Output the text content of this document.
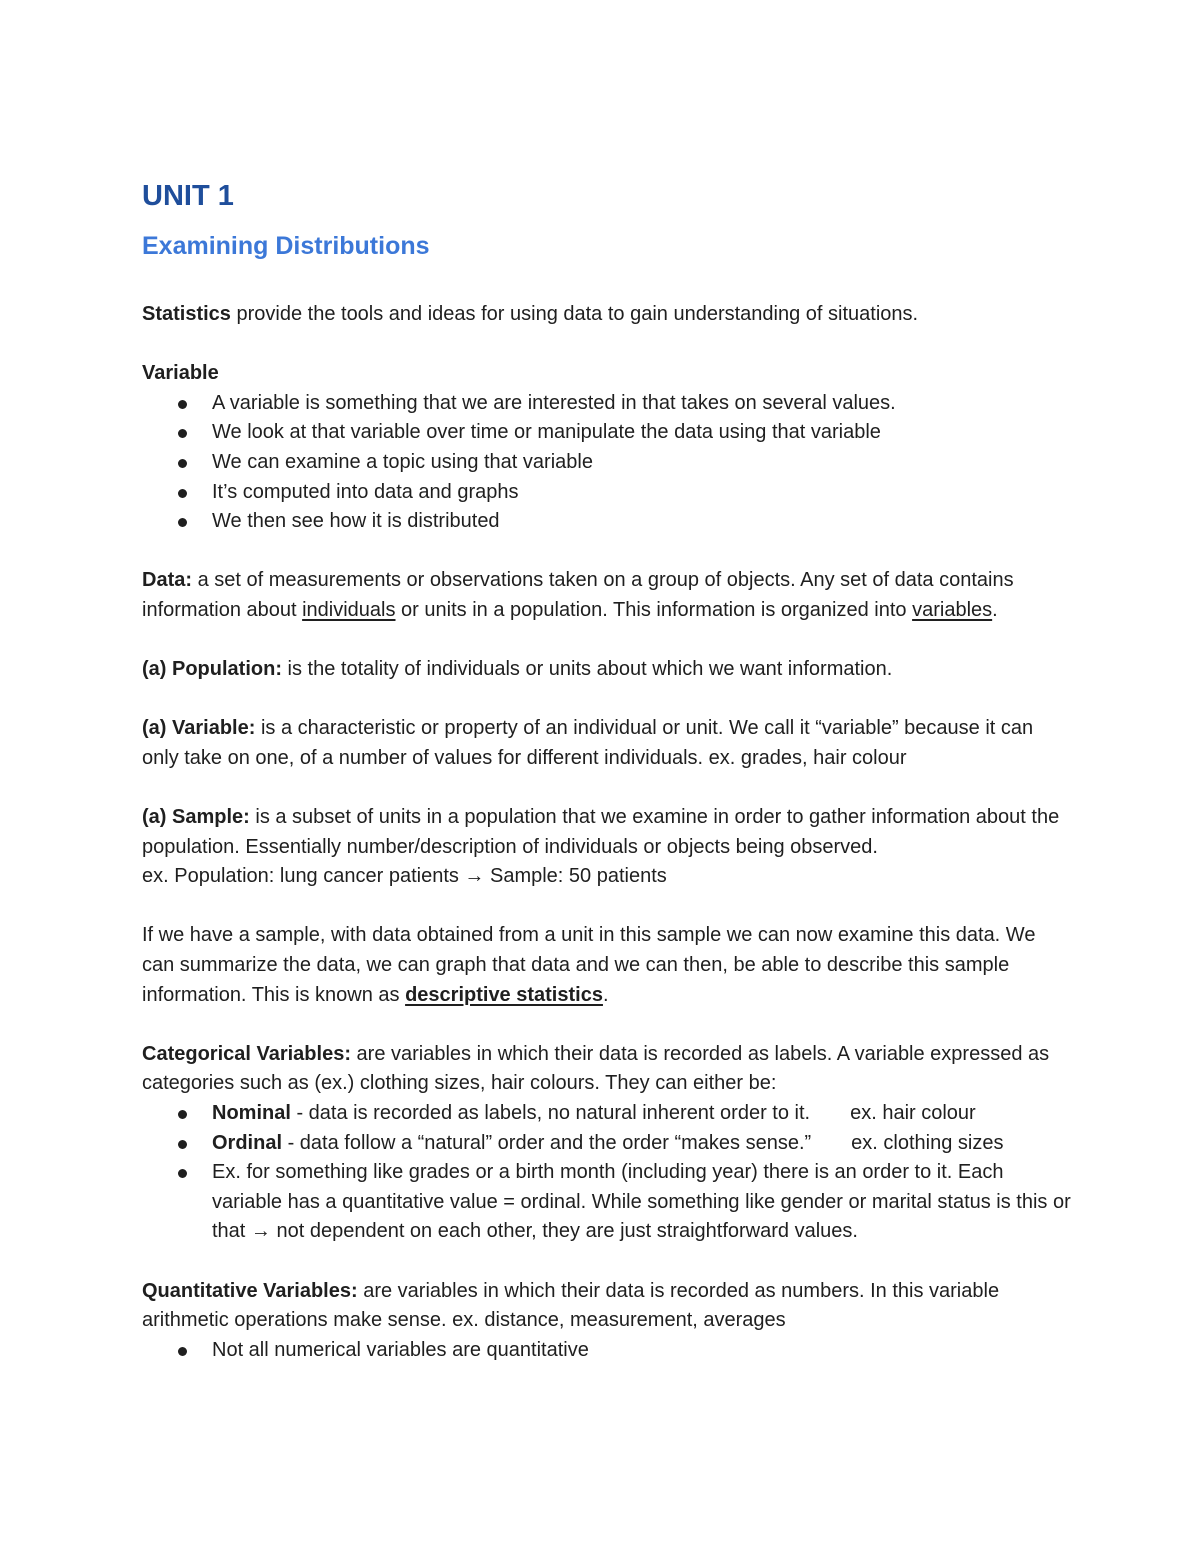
UNIT 1
Examining Distributions

Statistics provide the tools and ideas for using data to gain understanding of situations.

Variable

A variable is something that we are interested in that takes on several values.
We look at that variable over time or manipulate the data using that variable
We can examine a topic using that variable
It’s computed into data and graphs
We then see how it is distributed

Data: a set of measurements or observations taken on a group of objects. Any set of data contains information about individuals or units in a population. This information is organized into variables.

(a) Population: is the totality of individuals or units about which we want information.

(a) Variable: is a characteristic or property of an individual or unit. We call it “variable” because it can only take on one, of a number of values for different individuals. ex. grades, hair colour

(a) Sample: is a subset of units in a population that we examine in order to gather information about the population. Essentially number/description of individuals or objects being observed.

ex. Population: lung cancer patients → Sample: 50 patients

If we have a sample, with data obtained from a unit in this sample we can now examine this data. We can summarize the data, we can graph that data and we can then, be able to describe this sample information. This is known as descriptive statistics.

Categorical Variables: are variables in which their data is recorded as labels. A variable expressed as categories such as (ex.) clothing sizes, hair colours. They can either be:

Nominal - data is recorded as labels, no natural inherent order to it. ex. hair colour
Ordinal - data follow a “natural” order and the order “makes sense.” ex. clothing sizes
Ex. for something like grades or a birth month (including year) there is an order to it. Each variable has a quantitative value = ordinal. While something like gender or marital status is this or that → not dependent on each other, they are just straightforward values.

Quantitative Variables: are variables in which their data is recorded as numbers. In this variable arithmetic operations make sense. ex. distance, measurement, averages

Not all numerical variables are quantitative
